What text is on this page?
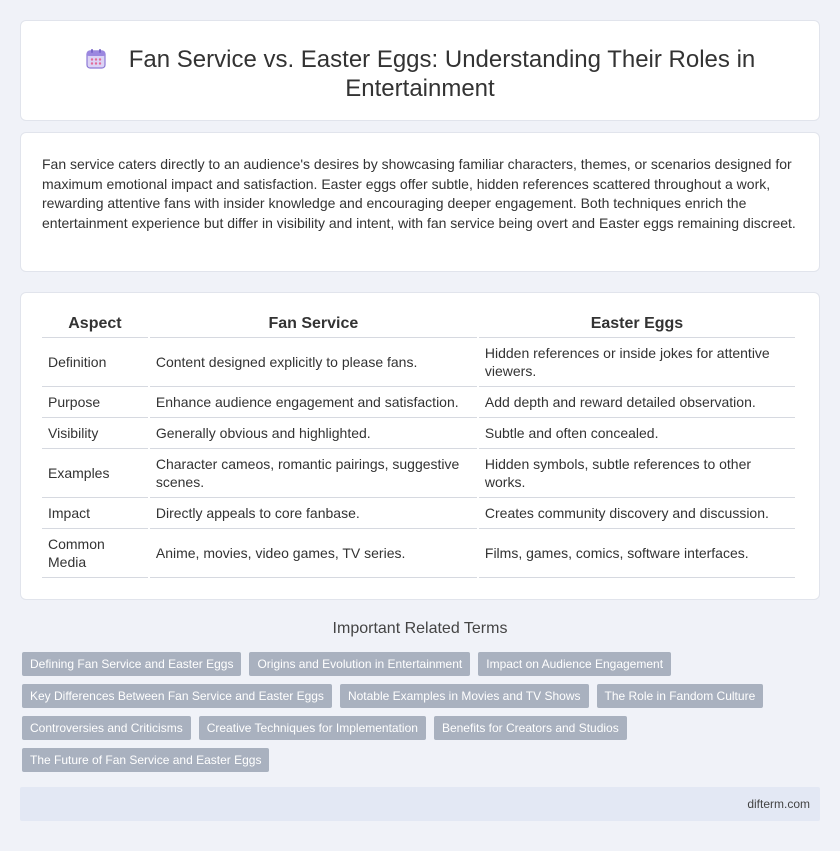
Fan Service vs. Easter Eggs: Understanding Their Roles in Entertainment

Fan service caters directly to an audience's desires by showcasing familiar characters, themes, or scenarios designed for maximum emotional impact and satisfaction. Easter eggs offer subtle, hidden references scattered throughout a work, rewarding attentive fans with insider knowledge and encouraging deeper engagement. Both techniques enrich the entertainment experience but differ in visibility and intent, with fan service being overt and Easter eggs remaining discreet.

Aspect	Fan Service	Easter Eggs
Definition	Content designed explicitly to please fans.	Hidden references or inside jokes for attentive viewers.
Purpose	Enhance audience engagement and satisfaction.	Add depth and reward detailed observation.
Visibility	Generally obvious and highlighted.	Subtle and often concealed.
Examples	Character cameos, romantic pairings, suggestive scenes.	Hidden symbols, subtle references to other works.
Impact	Directly appeals to core fanbase.	Creates community discovery and discussion.
Common Media	Anime, movies, video games, TV series.	Films, games, comics, software interfaces.
Important Related Terms
Defining Fan Service and Easter Eggs	Origins and Evolution in Entertainment	Impact on Audience Engagement
Key Differences Between Fan Service and Easter Eggs	Notable Examples in Movies and TV Shows	The Role in Fandom Culture
Controversies and Criticisms	Creative Techniques for Implementation	Benefits for Creators and Studios
The Future of Fan Service and Easter Eggs
difterm.com
